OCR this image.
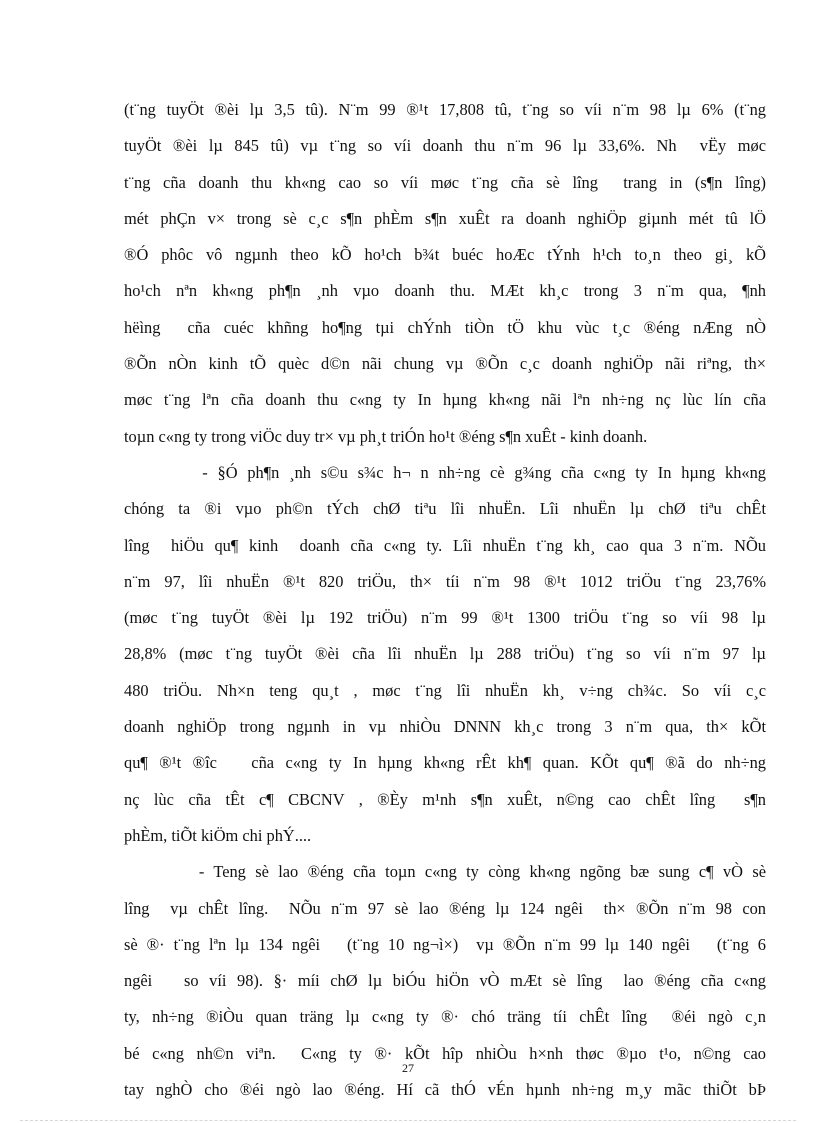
(t¨ng tuyÖt ®èi lµ 3,5 tû). N¨m 99 ®¹t 17,808 tû, t¨ng so víi n¨m 98 lµ 6% (t¨ng
tuyÖt ®èi lµ 845 tû) vµ t¨ng so víi doanh thu n¨m 96 lµ 33,6%. Nh  vËy møc
t¨ng cña doanh thu kh«ng cao so víi møc t¨ng cña sè lîng  trang in (s¶n lîng)
mét phÇn v× trong sè c¸c s¶n phÈm s¶n xuÊt ra doanh nghiÖp giµnh mét tû lÖ
®Ó phôc vô ngµnh theo kÕ ho¹ch b¾t buéc hoÆc tÝnh h¹ch to¸n theo gi¸ kÕ
ho¹ch nªn kh«ng ph¶n ¸nh vµo doanh thu. MÆt kh¸c trong 3 n¨m qua, ¶nh
hëìng  cña cuéc khñng ho¶ng tµi chÝnh tiÒn tÖ khu vùc t¸c ®éng nÆng nÒ
®Õn nÒn kinh tÕ quèc d©n nãi chung vµ ®Õn c¸c doanh nghiÖp nãi riªng, th×
møc t¨ng lªn cña doanh thu c«ng ty In hµng kh«ng nãi lªn nh÷ng nç lùc lín cña
toµn c«ng ty trong viÖc duy tr× vµ ph¸t triÓn ho¹t ®éng s¶n xuÊt - kinh doanh.
- §Ó ph¶n ¸nh s©u s¾c h¬ n nh÷ng cè g¾ng cña c«ng ty In hµng kh«ng
chóng ta ®i vµo ph©n tÝch chØ tiªu lîi nhuËn. Lîi nhuËn lµ chØ tiªu chÊt
lîng  hiÖu qu¶ kinh  doanh cña c«ng ty. Lîi nhuËn t¨ng kh¸ cao qua 3 n¨m. NÕu
n¨m 97, lîi nhuËn ®¹t 820 triÖu, th× tíi n¨m 98 ®¹t 1012 triÖu t¨ng 23,76%
(møc t¨ng tuyÖt ®èi lµ 192 triÖu) n¨m 99 ®¹t 1300 triÖu t¨ng so víi 98 lµ
28,8% (møc t¨ng tuyÖt ®èi cña lîi nhuËn lµ 288 triÖu) t¨ng so víi n¨m 97 lµ
480 triÖu. Nh×n teng qu¸t , møc t¨ng lîi nhuËn kh¸ v÷ng ch¾c. So víi c¸c
doanh nghiÖp trong ngµnh in vµ nhiÒu DNNN kh¸c trong 3 n¨m qua, th× kÕt
qu¶ ®¹t ®îc   cña c«ng ty In hµng kh«ng rÊt kh¶ quan. KÕt qu¶ ®ã do nh÷ng
nç lùc cña tÊt c¶ CBCNV , ®Èy m¹nh s¶n xuÊt, n©ng cao chÊt lîng  s¶n
phÈm, tiÕt kiÖm chi phÝ....
- Teng sè lao ®éng cña toµn c«ng ty còng kh«ng ngõng bæ sung c¶ vÒ sè
lîng  vµ chÊt lîng.  NÕu n¨m 97 sè lao ®éng lµ 124 ngêi  th× ®Õn n¨m 98 con
sè ®· t¨ng lªn lµ 134 ngêi   (t¨ng 10 ng¬ì×)  vµ ®Õn n¨m 99 lµ 140 ngêi   (t¨ng 6
ngêi   so víi 98). §· míi chØ lµ biÓu hiÖn vÒ mÆt sè lîng  lao ®éng cña c«ng
ty, nh÷ng ®iÒu quan träng lµ c«ng ty ®· chó träng tíi chÊt lîng  ®éi ngò c¸n
bé c«ng nh©n viªn.  C«ng ty ®· kÕt hîp nhiÒu h×nh thøc ®µo t¹o, n©ng cao
tay nghÒ cho ®éi ngò lao ®éng. Hí cã thÓ vÉn hµnh nh÷ng m¸y mãc thiÕt bÞ
27
